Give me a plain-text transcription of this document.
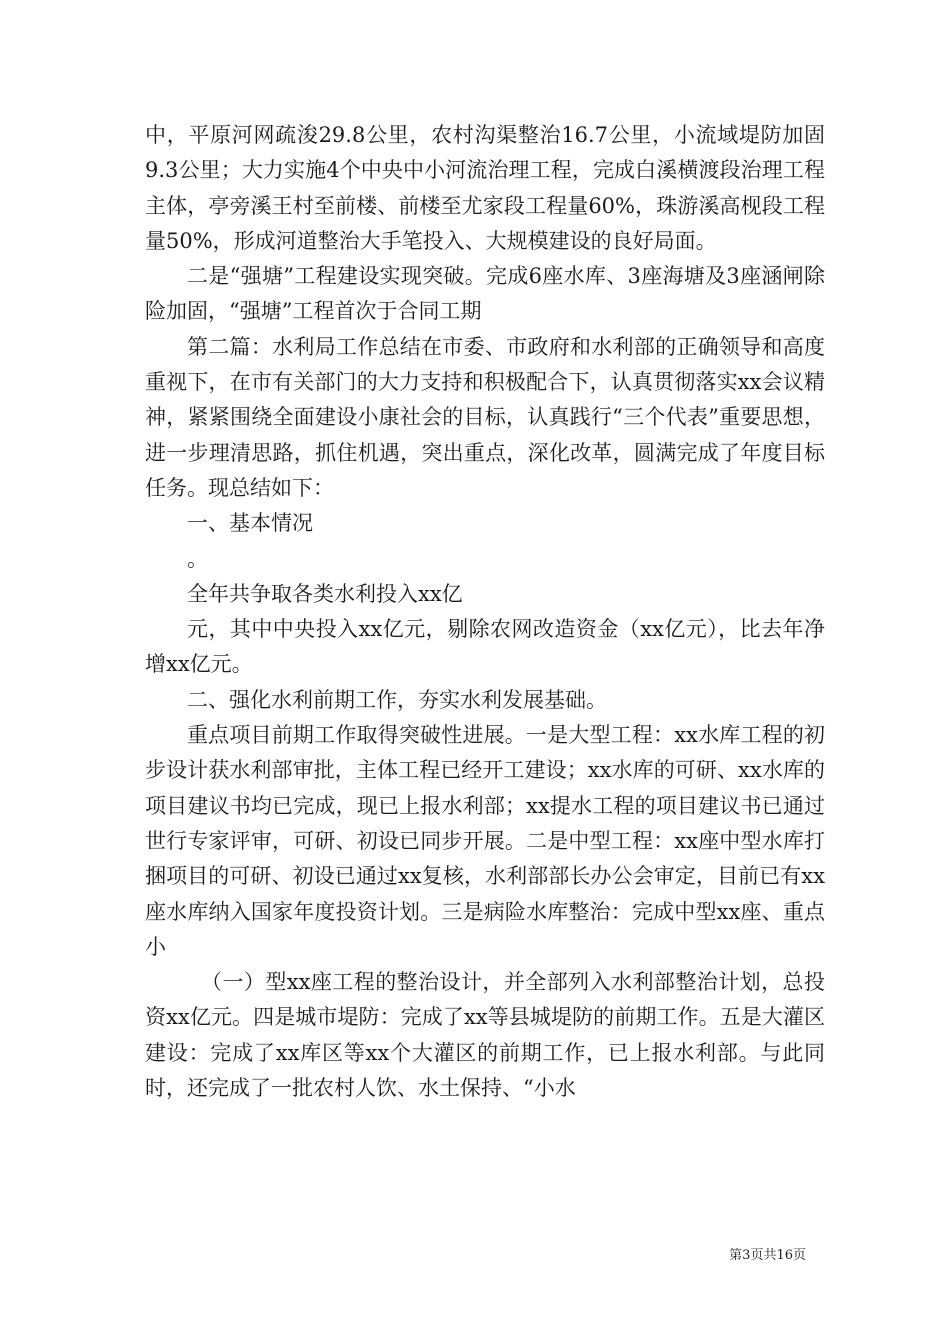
中，平原河网疏浚29.8公里，农村沟渠整治16.7公里，小流域堤防加固9.3公里；大力实施4个中央中小河流治理工程，完成白溪横渡段治理工程主体，亭旁溪王村至前楼、前楼至尤家段工程量60%，珠游溪高枧段工程量50%，形成河道整治大手笔投入、大规模建设的良好局面。

二是“强塘”工程建设实现突破。完成6座水库、3座海塘及3座涵闸除险加固，“强塘”工程首次于合同工期

第二篇：水利局工作总结在市委、市政府和水利部的正确领导和高度重视下，在市有关部门的大力支持和积极配合下，认真贯彻落实xx会议精神，紧紧围绕全面建设小康社会的目标，认真践行“三个代表”重要思想，进一步理清思路，抓住机遇，突出重点，深化改革，圆满完成了年度目标任务。现总结如下：

一、基本情况

。

全年共争取各类水利投入xx亿

元，其中中央投入xx亿元，剔除农网改造资金（xx亿元），比去年净增xx亿元。

二、强化水利前期工作，夯实水利发展基础。

重点项目前期工作取得突破性进展。一是大型工程：xx水库工程的初步设计获水利部审批，主体工程已经开工建设；xx水库的可研、xx水库的项目建议书均已完成，现已上报水利部；xx提水工程的项目建议书已通过世行专家评审，可研、初设已同步开展。二是中型工程：xx座中型水库打捆项目的可研、初设已通过xx复核，水利部部长办公会审定，目前已有xx座水库纳入国家年度投资计划。三是病险水库整治：完成中型xx座、重点小

（一）型xx座工程的整治设计，并全部列入水利部整治计划，总投资xx亿元。四是城市堤防：完成了xx等县城堤防的前期工作。五是大灌区建设：完成了xx库区等xx个大灌区的前期工作，已上报水利部。与此同时，还完成了一批农村人饮、水土保持、“小水

第3页共16页
